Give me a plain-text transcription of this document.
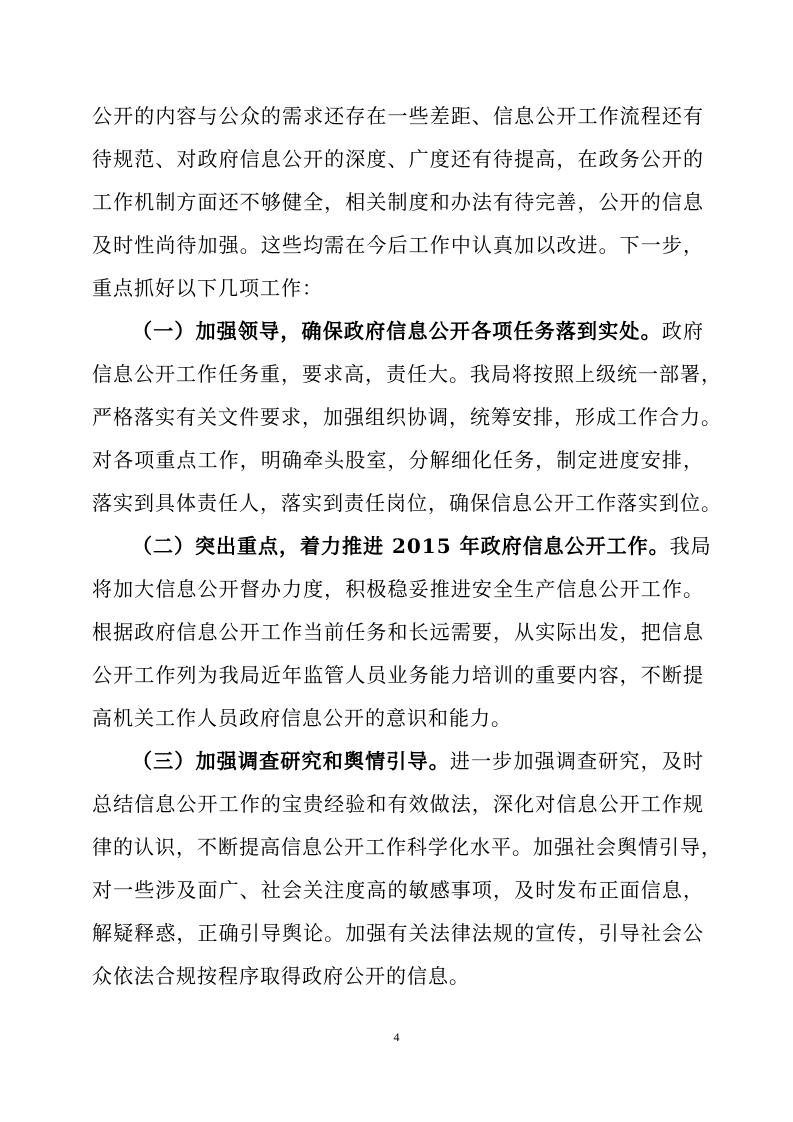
公开的内容与公众的需求还存在一些差距、信息公开工作流程还有
待规范、对政府信息公开的深度、广度还有待提高，在政务公开的
工作机制方面还不够健全，相关制度和办法有待完善，公开的信息
及时性尚待加强。这些均需在今后工作中认真加以改进。下一步，
重点抓好以下几项工作：
（一）加强领导，确保政府信息公开各项任务落到实处。政府
信息公开工作任务重，要求高，责任大。我局将按照上级统一部署，
严格落实有关文件要求，加强组织协调，统筹安排，形成工作合力。
对各项重点工作，明确牵头股室，分解细化任务，制定进度安排，
落实到具体责任人，落实到责任岗位，确保信息公开工作落实到位。
（二）突出重点，着力推进 2015 年政府信息公开工作。我局
将加大信息公开督办力度，积极稳妥推进安全生产信息公开工作。
根据政府信息公开工作当前任务和长远需要，从实际出发，把信息
公开工作列为我局近年监管人员业务能力培训的重要内容，不断提
高机关工作人员政府信息公开的意识和能力。
（三）加强调查研究和舆情引导。进一步加强调查研究，及时
总结信息公开工作的宝贵经验和有效做法，深化对信息公开工作规
律的认识，不断提高信息公开工作科学化水平。加强社会舆情引导，
对一些涉及面广、社会关注度高的敏感事项，及时发布正面信息，
解疑释惑，正确引导舆论。加强有关法律法规的宣传，引导社会公
众依法合规按程序取得政府公开的信息。
4
